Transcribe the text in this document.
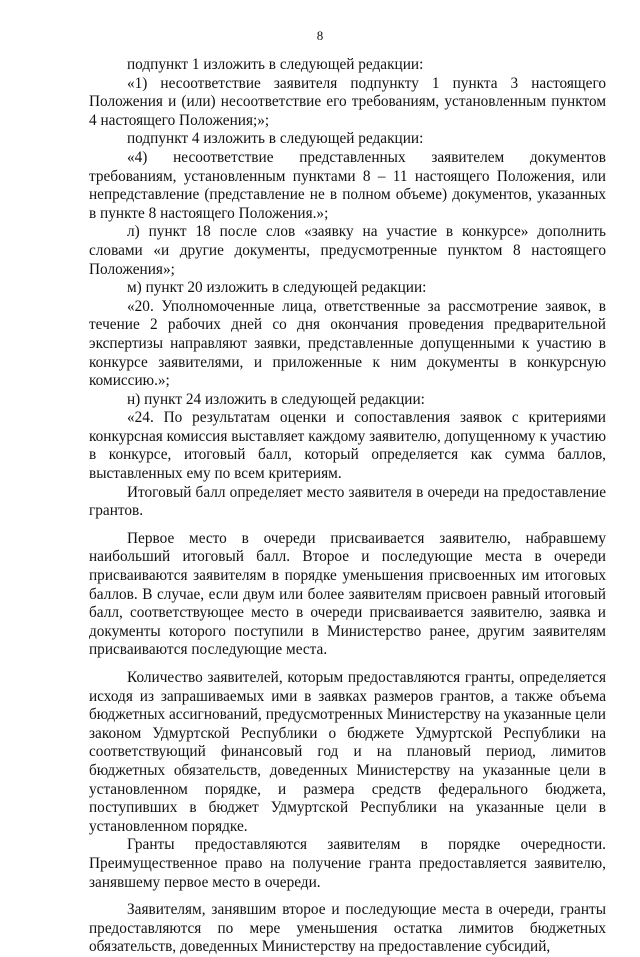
8

подпункт 1 изложить в следующей редакции:

«1) несоответствие заявителя подпункту 1 пункта 3 настоящего Положения и (или) несоответствие его требованиям, установленным пунктом 4 настоящего Положения;»;

подпункт 4 изложить в следующей редакции:

«4) несоответствие представленных заявителем документов требованиям, установленным пунктами 8 – 11 настоящего Положения, или непредставление (представление не в полном объеме) документов, указанных в пункте 8 настоящего Положения.»;

л) пункт 18 после слов «заявку на участие в конкурсе» дополнить словами «и другие документы, предусмотренные пунктом 8 настоящего Положения»;

м) пункт 20 изложить в следующей редакции:

«20. Уполномоченные лица, ответственные за рассмотрение заявок, в течение 2 рабочих дней со дня окончания проведения предварительной экспертизы направляют заявки, представленные допущенными к участию в конкурсе заявителями, и приложенные к ним документы в конкурсную комиссию.»;

н) пункт 24 изложить в следующей редакции:

«24. По результатам оценки и сопоставления заявок с критериями конкурсная комиссия выставляет каждому заявителю, допущенному к участию в конкурсе, итоговый балл, который определяется как сумма баллов, выставленных ему по всем критериям.

Итоговый балл определяет место заявителя в очереди на предоставление грантов.

Первое место в очереди присваивается заявителю, набравшему наибольший итоговый балл. Второе и последующие места в очереди присваиваются заявителям в порядке уменьшения присвоенных им итоговых баллов. В случае, если двум или более заявителям присвоен равный итоговый балл, соответствующее место в очереди присваивается заявителю, заявка и документы которого поступили в Министерство ранее, другим заявителям присваиваются последующие места.

Количество заявителей, которым предоставляются гранты, определяется исходя из запрашиваемых ими в заявках размеров грантов, а также объема бюджетных ассигнований, предусмотренных Министерству на указанные цели законом Удмуртской Республики о бюджете Удмуртской Республики на соответствующий финансовый год и на плановый период, лимитов бюджетных обязательств, доведенных Министерству на указанные цели в установленном порядке, и размера средств федерального бюджета, поступивших в бюджет Удмуртской Республики на указанные цели в установленном порядке.

Гранты предоставляются заявителям в порядке очередности. Преимущественное право на получение гранта предоставляется заявителю, занявшему первое место в очереди.

Заявителям, занявшим второе и последующие места в очереди, гранты предоставляются по мере уменьшения остатка лимитов бюджетных обязательств, доведенных Министерству на предоставление субсидий,
